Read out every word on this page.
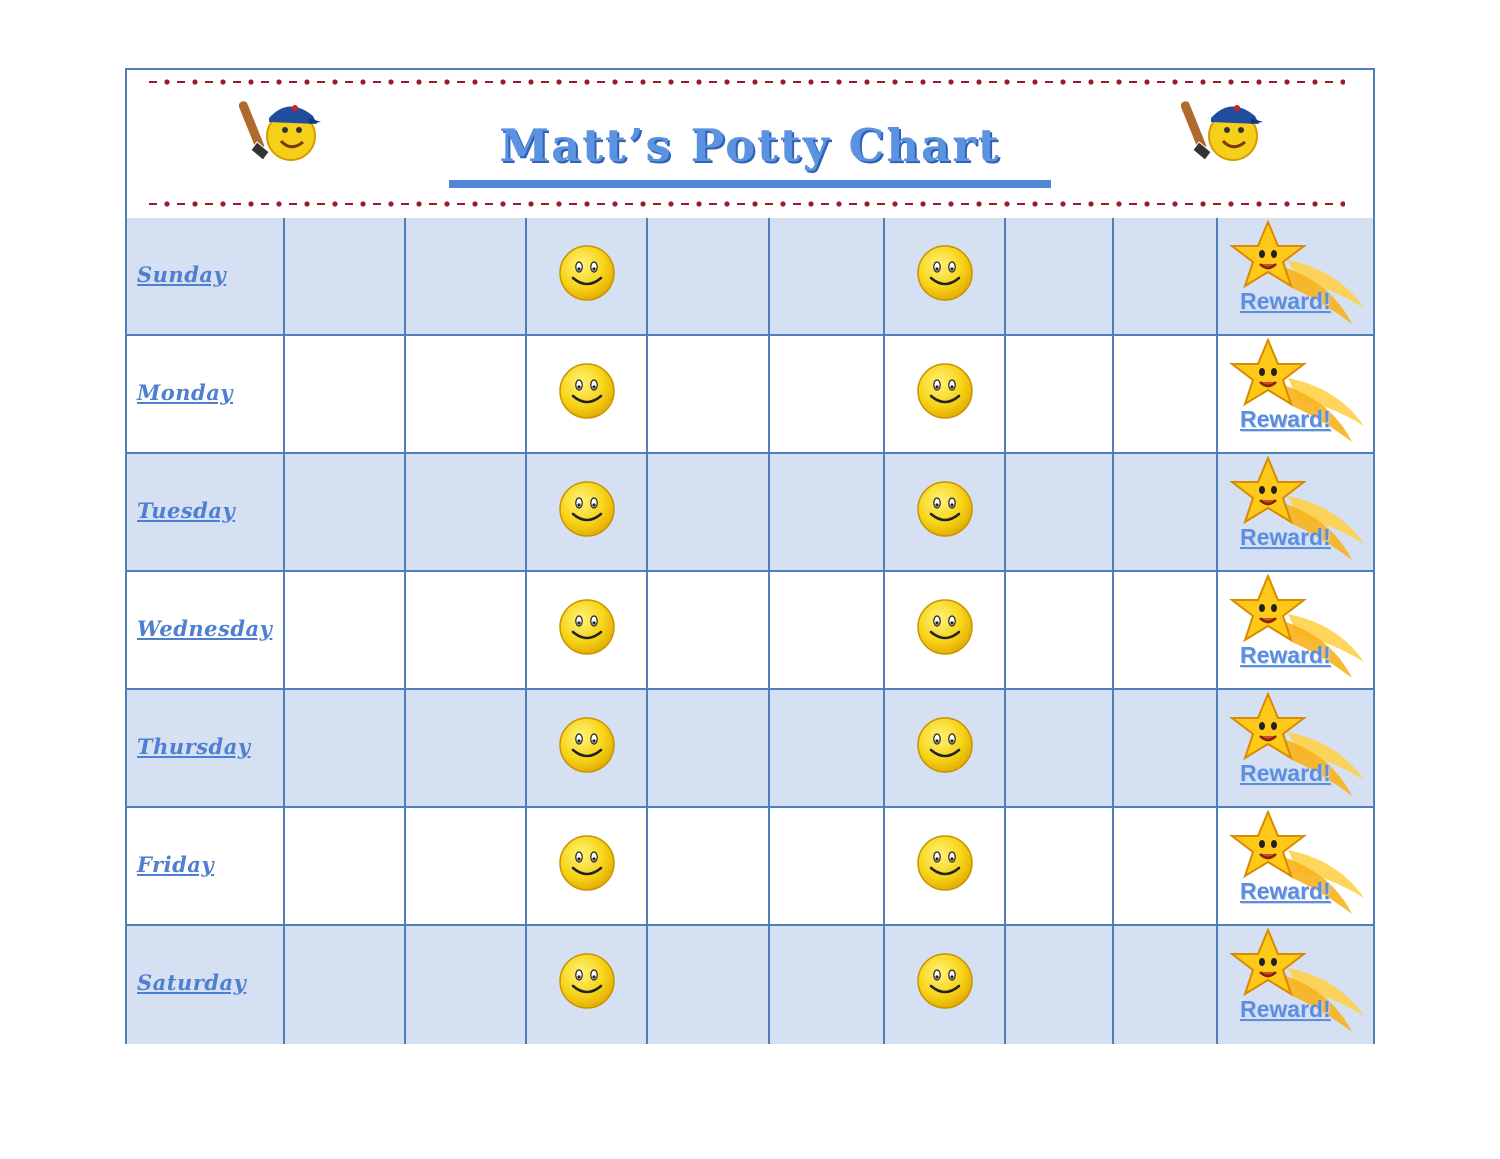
Matt’s Potty Chart
Sunday
Reward!
Monday
Reward!
Tuesday
Reward!
Wednesday
Reward!
Thursday
Reward!
Friday
Reward!
Saturday
Reward!
